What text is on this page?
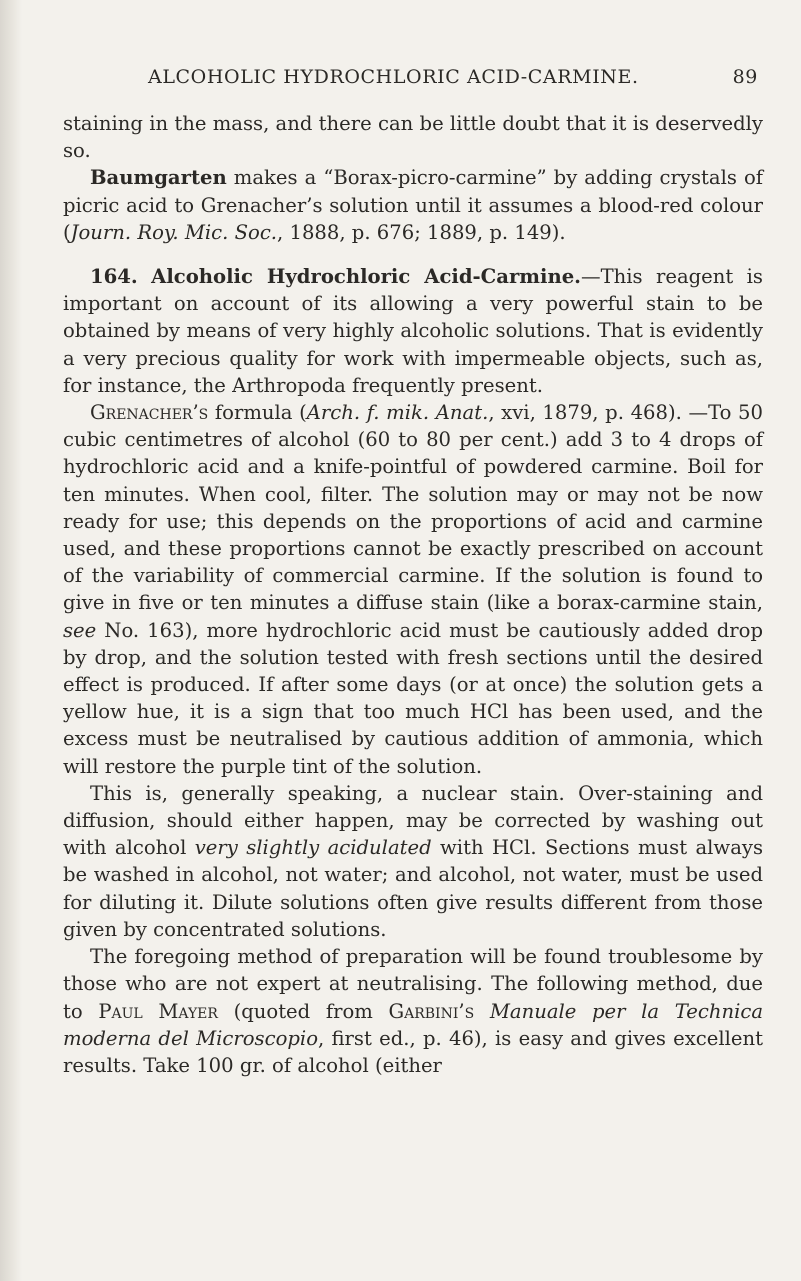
ALCOHOLIC HYDROCHLORIC ACID-CARMINE.	89

staining in the mass, and there can be little doubt that it is deservedly so.

Baumgarten makes a “Borax-picro-carmine” by adding crystals of picric acid to Grenacher’s solution until it assumes a blood-red colour (Journ. Roy. Mic. Soc., 1888, p. 676; 1889, p. 149).

164. Alcoholic Hydrochloric Acid-Carmine.—This reagent is important on account of its allowing a very powerful stain to be obtained by means of very highly alcoholic solutions. That is evidently a very precious quality for work with impermeable objects, such as, for instance, the Arthropoda frequently present.

Grenacher’s formula (Arch. f. mik. Anat., xvi, 1879, p. 468). —To 50 cubic centimetres of alcohol (60 to 80 per cent.) add 3 to 4 drops of hydrochloric acid and a knife-pointful of powdered carmine. Boil for ten minutes. When cool, filter. The solution may or may not be now ready for use; this depends on the proportions of acid and carmine used, and these proportions cannot be exactly prescribed on account of the variability of commercial carmine. If the solution is found to give in five or ten minutes a diffuse stain (like a borax-carmine stain, see No. 163), more hydrochloric acid must be cautiously added drop by drop, and the solution tested with fresh sections until the desired effect is produced. If after some days (or at once) the solution gets a yellow hue, it is a sign that too much HCl has been used, and the excess must be neutralised by cautious addition of ammonia, which will restore the purple tint of the solution.

This is, generally speaking, a nuclear stain. Over-staining and diffusion, should either happen, may be corrected by washing out with alcohol very slightly acidulated with HCl. Sections must always be washed in alcohol, not water; and alcohol, not water, must be used for diluting it. Dilute solutions often give results different from those given by concentrated solutions.

The foregoing method of preparation will be found troublesome by those who are not expert at neutralising. The following method, due to Paul Mayer (quoted from Garbini’s Manuale per la Technica moderna del Microscopio, first ed., p. 46), is easy and gives excellent results. Take 100 gr. of alcohol (either
